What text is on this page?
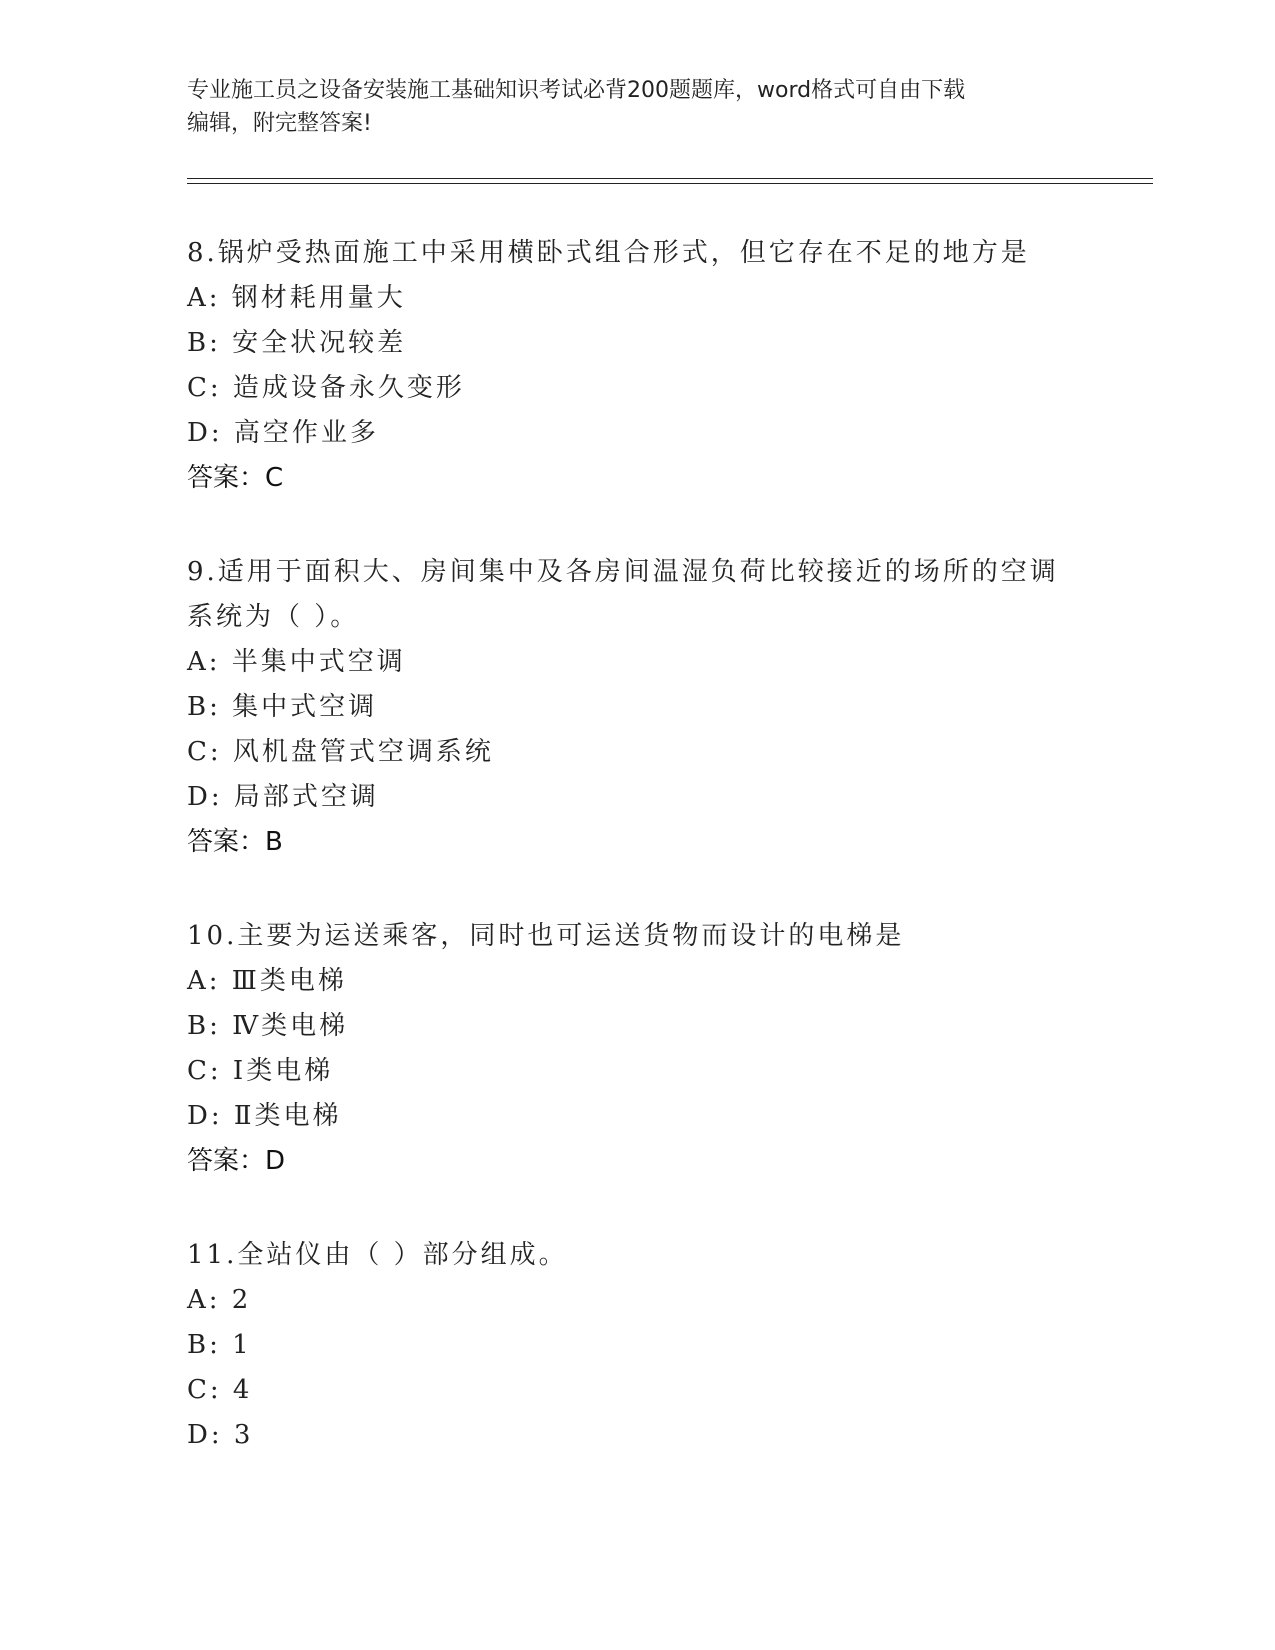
专业施工员之设备安装施工基础知识考试必背200题题库，word格式可自由下载
编辑，附完整答案!
8.锅炉受热面施工中采用横卧式组合形式，但它存在不足的地方是
A: 钢材耗用量大
B: 安全状况较差
C: 造成设备永久变形
D: 高空作业多
答案：C
9.适用于面积大、房间集中及各房间温湿负荷比较接近的场所的空调
系统为（ ）。
A: 半集中式空调
B: 集中式空调
C: 风机盘管式空调系统
D: 局部式空调
答案：B
10.主要为运送乘客，同时也可运送货物而设计的电梯是
A: Ⅲ类电梯
B: Ⅳ类电梯
C: Ⅰ类电梯
D: Ⅱ类电梯
答案：D
11.全站仪由（ ）部分组成。
A: 2
B: 1
C: 4
D: 3
